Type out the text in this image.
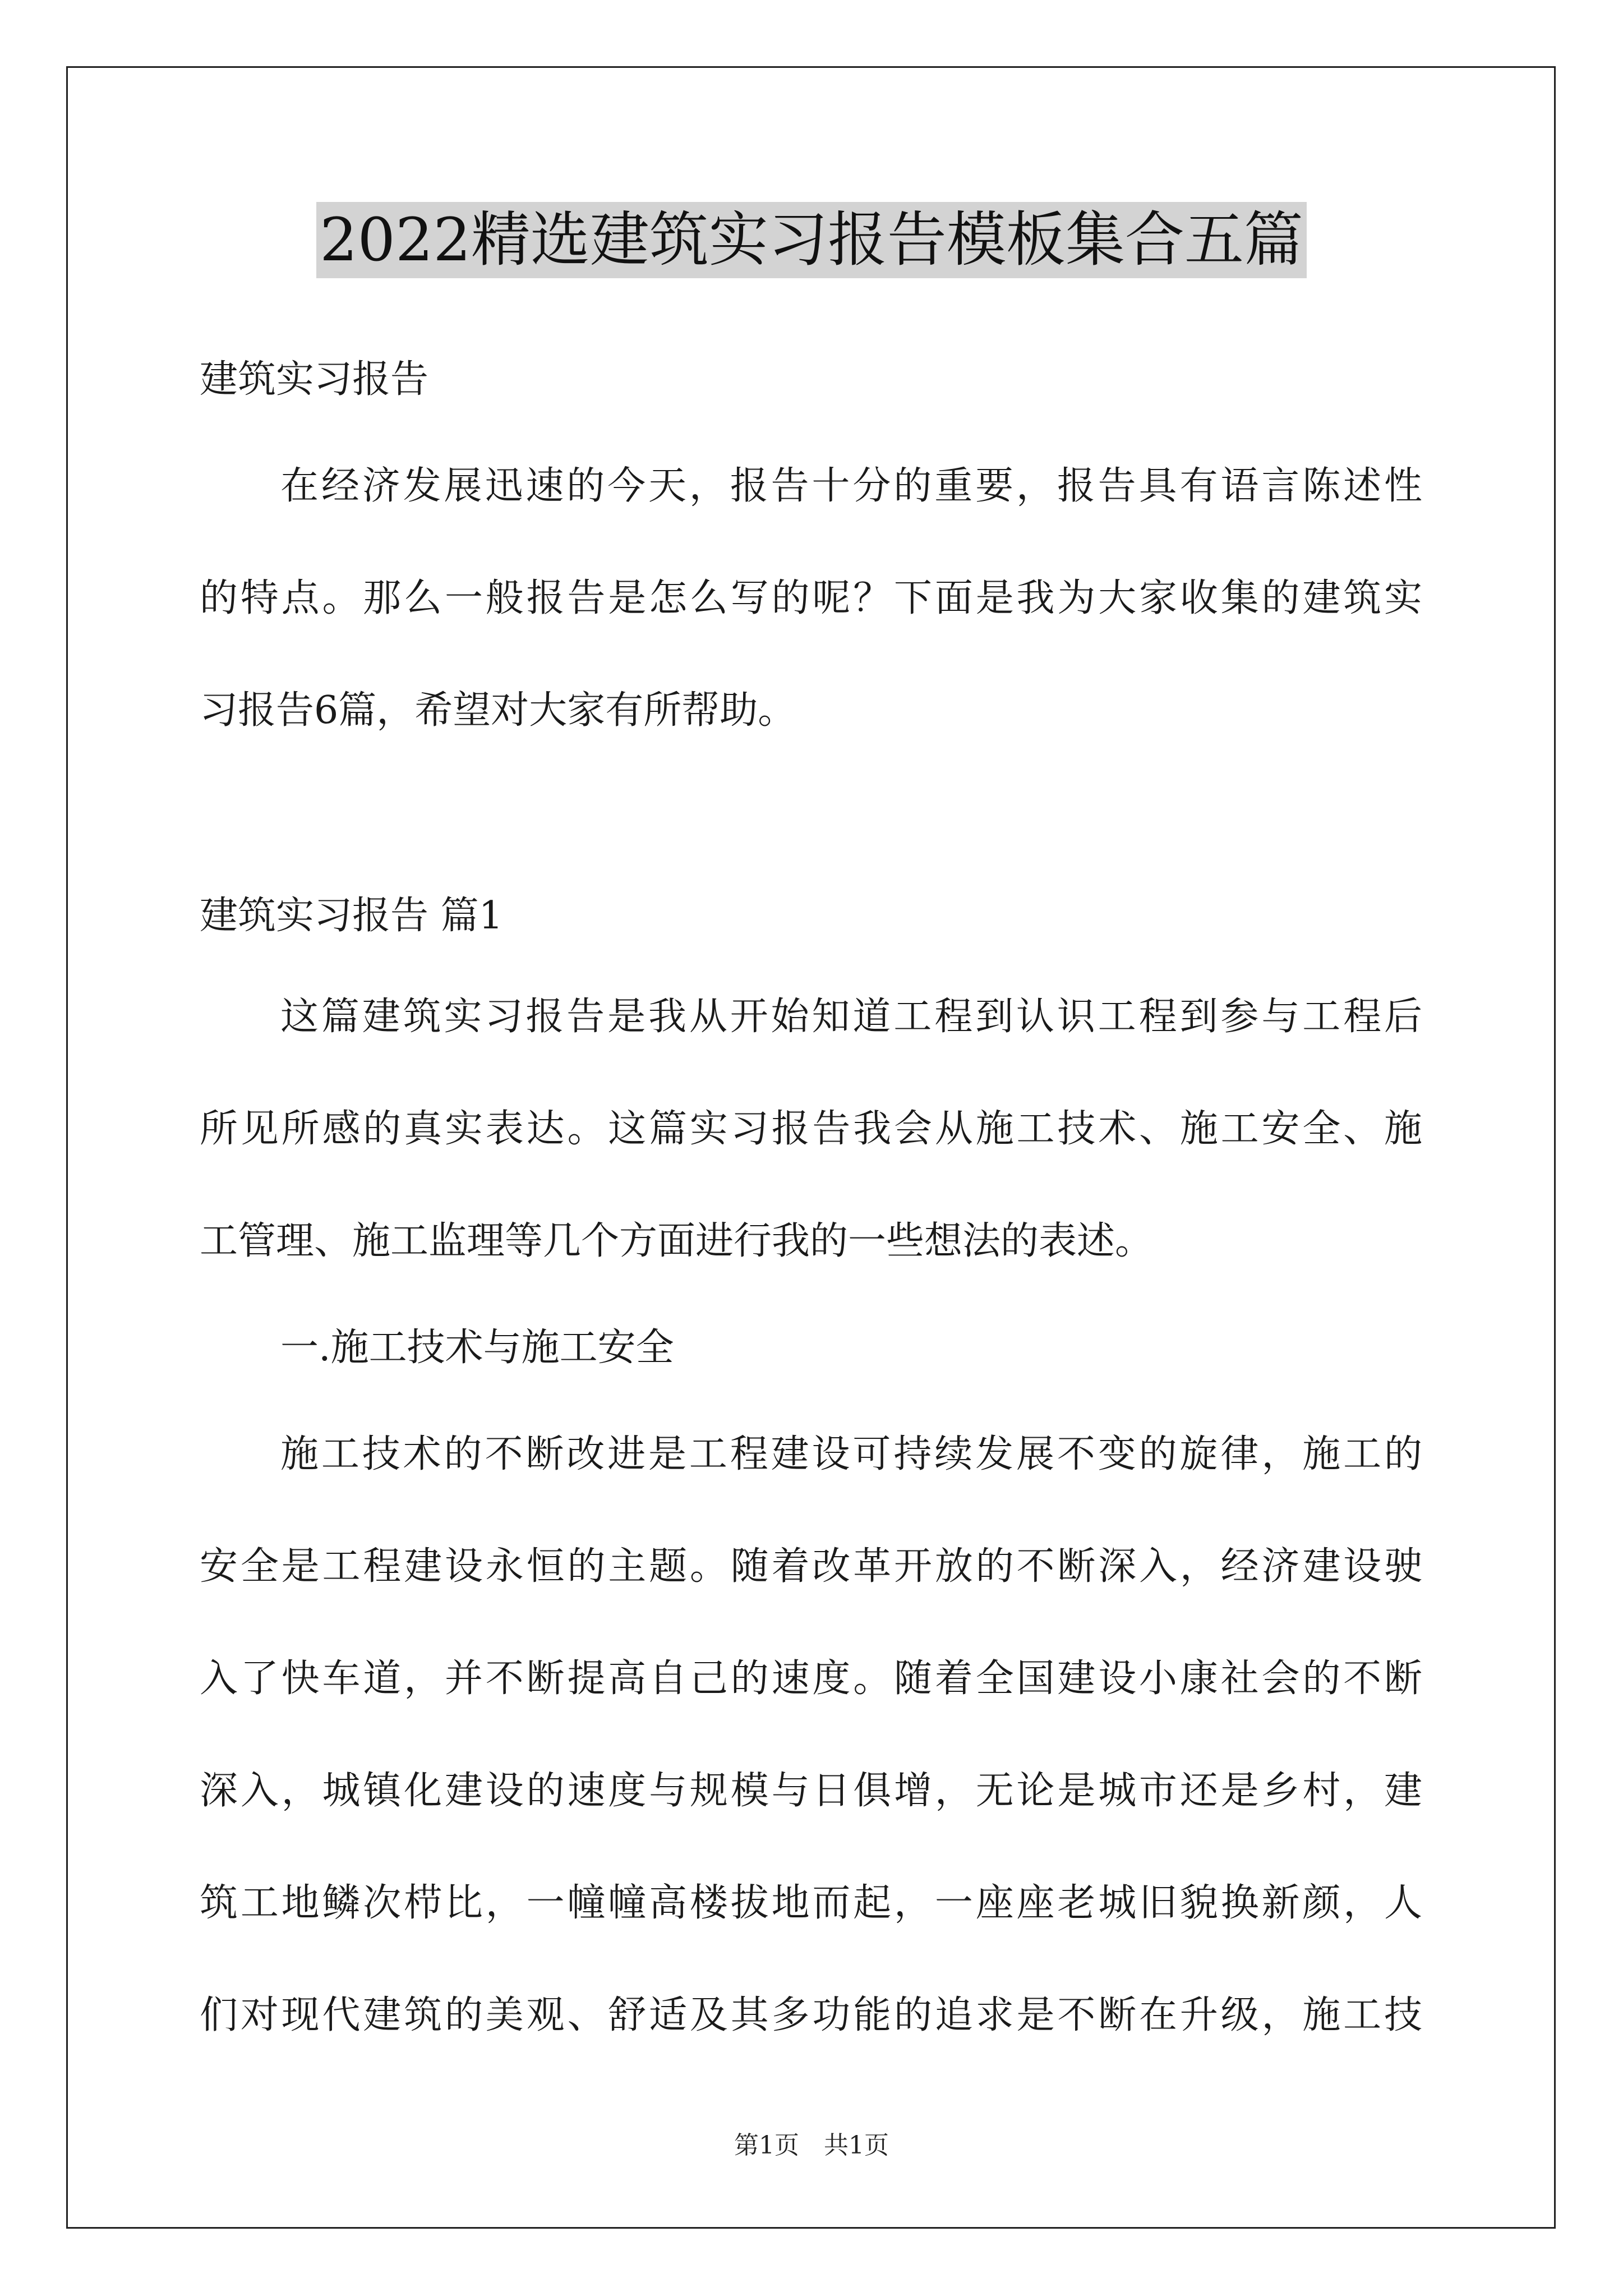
2022精选建筑实习报告模板集合五篇
建筑实习报告
在经济发展迅速的今天，报告十分的重要，报告具有语言陈述性
的特点。那么一般报告是怎么写的呢？下面是我为大家收集的建筑实
习报告6篇，希望对大家有所帮助。
建筑实习报告 篇1
这篇建筑实习报告是我从开始知道工程到认识工程到参与工程后
所见所感的真实表达。这篇实习报告我会从施工技术、施工安全、施
工管理、施工监理等几个方面进行我的一些想法的表述。
一.施工技术与施工安全
施工技术的不断改进是工程建设可持续发展不变的旋律，施工的
安全是工程建设永恒的主题。随着改革开放的不断深入，经济建设驶
入了快车道，并不断提高自己的速度。随着全国建设小康社会的不断
深入，城镇化建设的速度与规模与日俱增，无论是城市还是乡村，建
筑工地鳞次栉比，一幢幢高楼拔地而起，一座座老城旧貌换新颜，人
们对现代建筑的美观、舒适及其多功能的追求是不断在升级，施工技
第1页　共1页
